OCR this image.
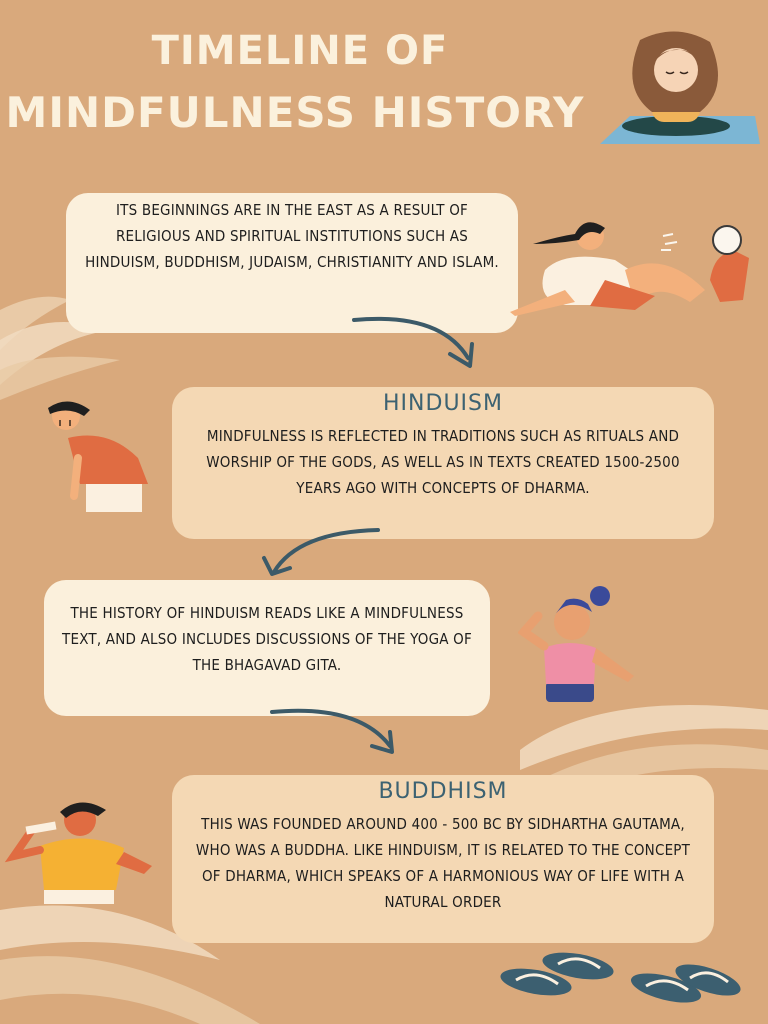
TIMELINE OF
MINDFULNESS HISTORY
ITS BEGINNINGS ARE IN THE EAST AS A RESULT OF RELIGIOUS AND SPIRITUAL INSTITUTIONS SUCH AS HINDUISM, BUDDHISM, JUDAISM, CHRISTIANITY AND ISLAM.
HINDUISM
MINDFULNESS IS REFLECTED IN TRADITIONS SUCH AS RITUALS AND WORSHIP OF THE GODS, AS WELL AS IN TEXTS CREATED 1500-2500 YEARS AGO WITH CONCEPTS OF DHARMA.
THE HISTORY OF HINDUISM READS LIKE A MINDFULNESS TEXT, AND ALSO INCLUDES DISCUSSIONS OF THE YOGA OF THE BHAGAVAD GITA.
BUDDHISM
THIS WAS FOUNDED AROUND 400 - 500 BC BY SIDHARTHA GAUTAMA, WHO WAS A BUDDHA. LIKE HINDUISM, IT IS RELATED TO THE CONCEPT OF DHARMA, WHICH SPEAKS OF A HARMONIOUS WAY OF LIFE WITH A NATURAL ORDER
